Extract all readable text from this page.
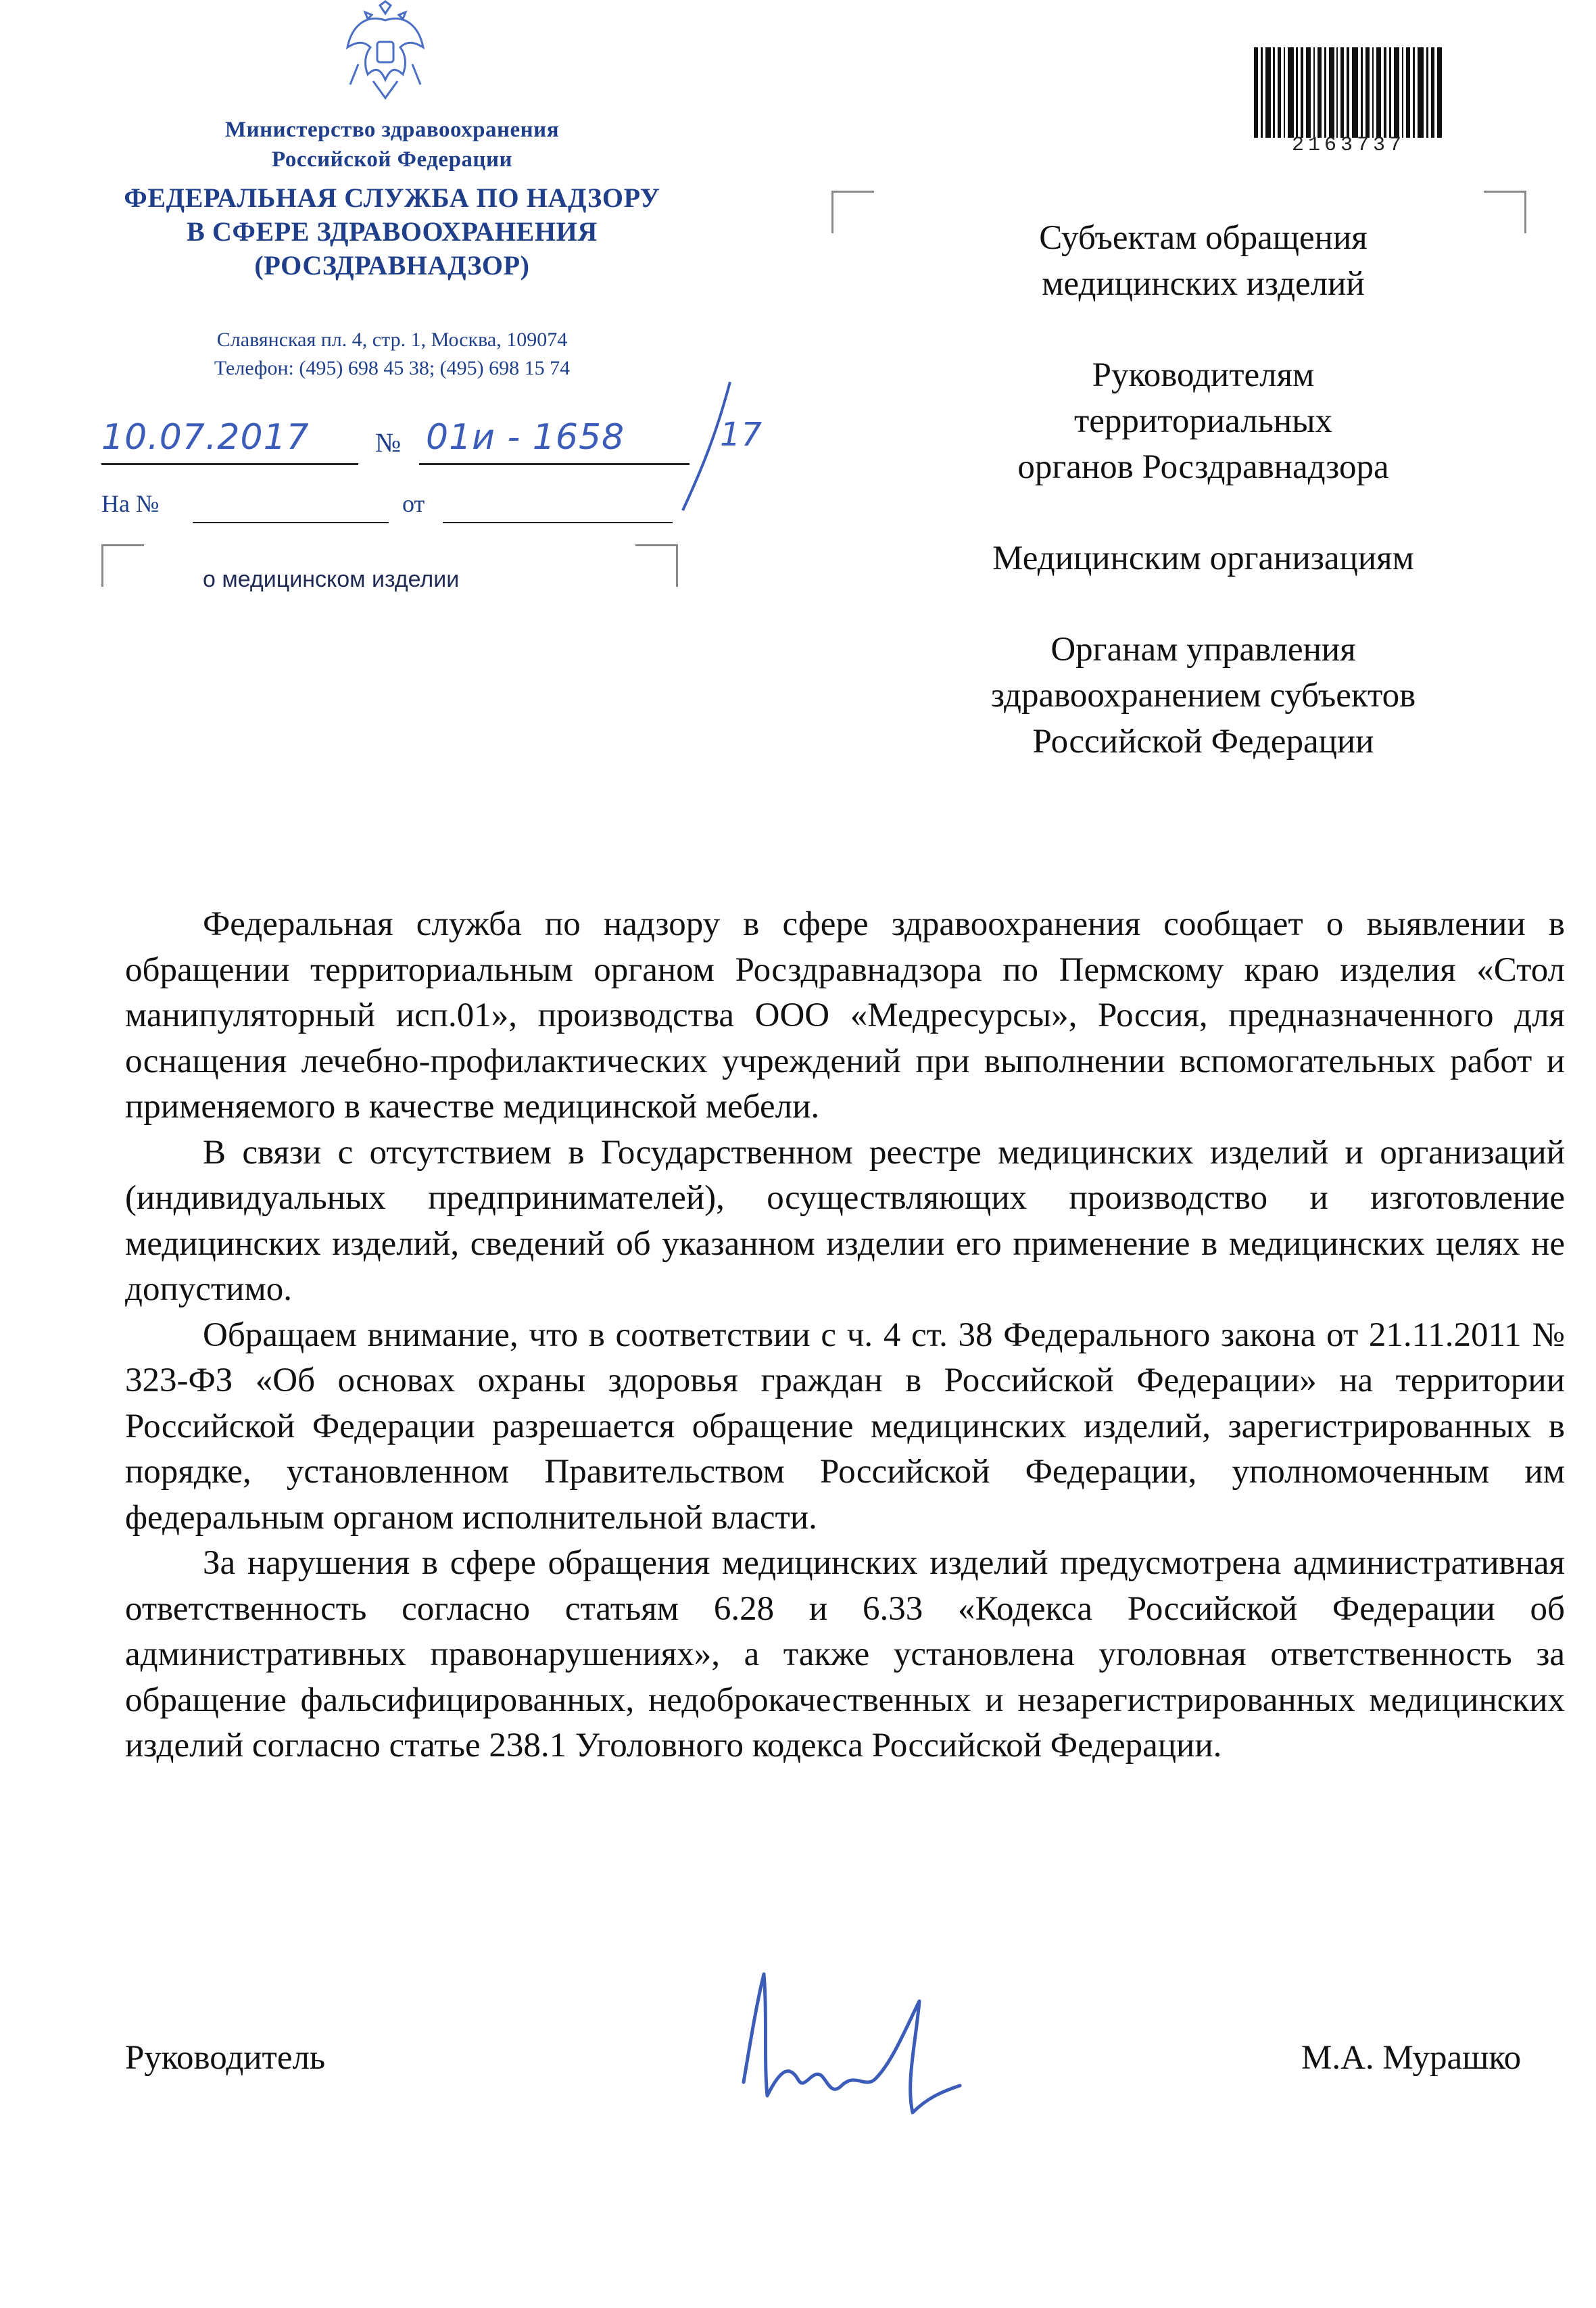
Министерство здравоохранения
Российской Федерации
ФЕДЕРАЛЬНАЯ СЛУЖБА ПО НАДЗОРУ
В СФЕРЕ ЗДРАВООХРАНЕНИЯ
(РОСЗДРАВНАДЗОР)
Славянская пл. 4, стр. 1, Москва, 109074
Телефон: (495) 698 45 38; (495) 698 15 74
10.07.2017 № 01и - 1658	17
На №	от
о медицинском изделии
2163737
Субъектам обращения
медицинских изделий
Руководителям
территориальных
органов Росздравнадзора
Медицинским организациям
Органам управления
здравоохранением субъектов
Российской Федерации

Федеральная служба по надзору в сфере здравоохранения сообщает о выявлении в обращении территориальным органом Росздравнадзора по Пермскому краю изделия «Стол манипуляторный исп.01», производства ООО «Медресурсы», Россия, предназначенного для оснащения лечебно-профилактических учреждений при выполнении вспомогательных работ и применяемого в качестве медицинской мебели.

В связи с отсутствием в Государственном реестре медицинских изделий и организаций (индивидуальных предпринимателей), осуществляющих производство и изготовление медицинских изделий, сведений об указанном изделии его применение в медицинских целях не допустимо.

Обращаем внимание, что в соответствии с ч. 4 ст. 38 Федерального закона от 21.11.2011 № 323-ФЗ «Об основах охраны здоровья граждан в Российской Федерации» на территории Российской Федерации разрешается обращение медицинских изделий, зарегистрированных в порядке, установленном Правительством Российской Федерации, уполномоченным им федеральным органом исполнительной власти.

За нарушения в сфере обращения медицинских изделий предусмотрена административная ответственность согласно статьям 6.28 и 6.33 «Кодекса Российской Федерации об административных правонарушениях», а также установлена уголовная ответственность за обращение фальсифицированных, недоброкачественных и незарегистрированных медицинских изделий согласно статье 238.1 Уголовного кодекса Российской Федерации.

Руководитель	М.А. Мурашко
